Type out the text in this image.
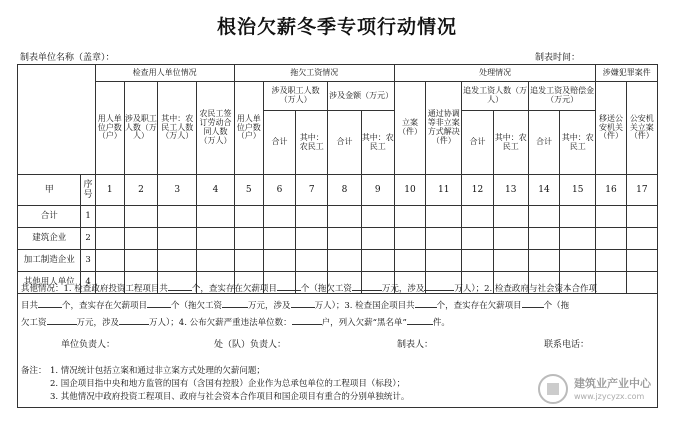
根治欠薪冬季专项行动情况
制表单位名称（盖章）：	制表时间：
		检查用人单位情况				拖欠工资情况					处理情况						涉嫌犯罪案件	
		用人单位户数（户）	涉及职工人数（万人）	其中：农民工人数（万人）	农民工签订劳动合同人数（万人）	用人单位户数（户）	涉及职工人数（万人）		涉及金额（万元）		立案（件）	通过协调等非立案方式解决（件）	追发工资人数（万人）		追发工资及赔偿金（万元）		移送公安机关（件）	公安机关立案（件）
							合计	其中：农民工	合计	其中：农民工			合计	其中：农民工	合计	其中：农民工		
甲	序号	1	2	3	4	5	6	7	8	9	10	11	12	13	14	15	16	17
合计	1																	
建筑企业	2																	
加工制造企业	3																	
其他用人单位	4																	
其他情况：1. 检查政府投资工程项目共	个，查实存在欠薪项目	个（拖欠工资	万元，涉及	万人）；2. 检查政府与社会资本合作项
目共	个，查实存在欠薪项目	个（拖欠工资	万元，涉及	万人）；3. 检查国企项目共	个，查实存在欠薪项目	个（拖
欠工资	万元，涉及	万人）；4. 公布欠薪严重违法单位数：	户，列入欠薪“黑名单”	件。
单位负责人：	处（队）负责人：	制表人：	联系电话：
备注： 1. 情况统计包括立案和通过非立案方式处理的欠薪问题；
2. 国企项目指中央和地方监管的国有（含国有控股）企业作为总承包单位的工程项目（标段）；
3. 其他情况中政府投资工程项目、政府与社会资本合作项目和国企项目有重合的分别单独统计。
建筑业产业中心
www.jzycyzx.com
